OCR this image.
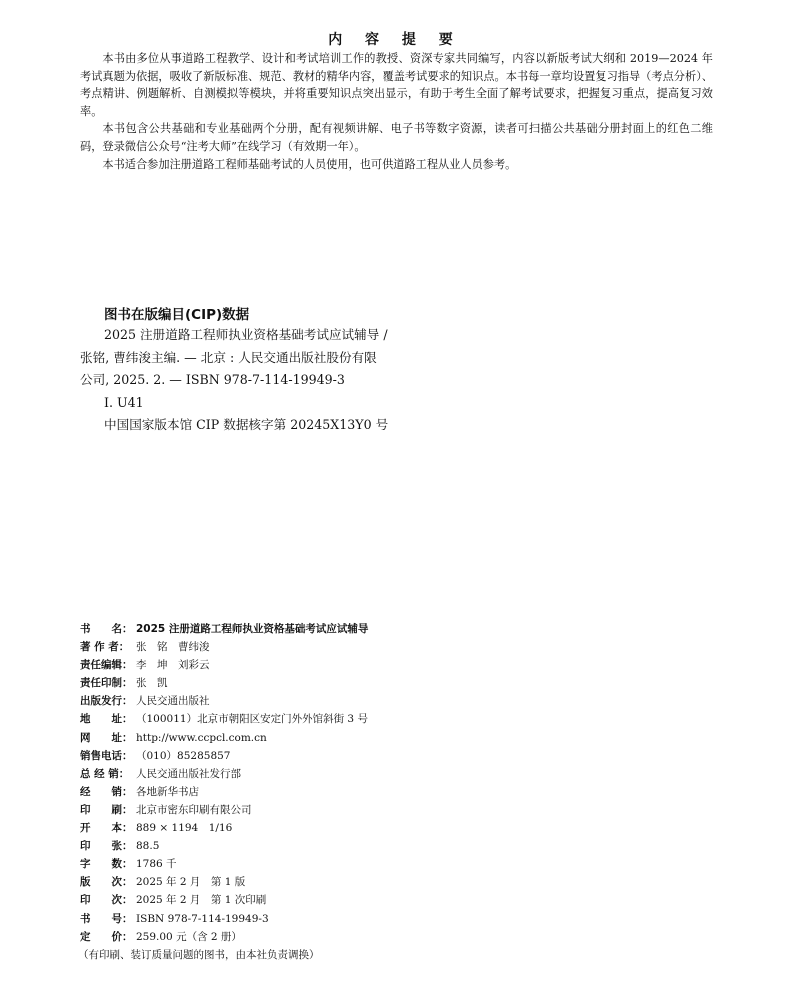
内 容 提 要

本书由多位从事道路工程教学、设计和考试培训工作的教授、资深专家共同编写，内容以新版考试大纲和 2019—2024 年考试真题为依据，吸收了新版标准、规范、教材的精华内容，覆盖考试要求的知识点。本书每一章均设置复习指导（考点分析）、考点精讲、例题解析、自测模拟等模块，并将重要知识点突出显示，有助于考生全面了解考试要求，把握复习重点，提高复习效率。

本书包含公共基础和专业基础两个分册，配有视频讲解、电子书等数字资源，读者可扫描公共基础分册封面上的红色二维码，登录微信公众号“注考大师”在线学习（有效期一年）。

本书适合参加注册道路工程师基础考试的人员使用，也可供道路工程从业人员参考。

图书在版编目(CIP)数据
2025 注册道路工程师执业资格基础考试应试辅导 /
张铭, 曹纬浚主编. — 北京 : 人民交通出版社股份有限
公司, 2025. 2. — ISBN 978-7-114-19949-3
Ⅰ. U41
中国国家版本馆 CIP 数据核字第 20245X13Y0 号
书　　名： 2025 注册道路工程师执业资格基础考试应试辅导
著 作 者： 张　铭　曹纬浚
责任编辑： 李　坤　刘彩云
责任印制： 张　凯
出版发行： 人民交通出版社
地　　址： （100011）北京市朝阳区安定门外外馆斜街 3 号
网　　址： http://www.ccpcl.com.cn
销售电话： （010）85285857
总 经 销： 人民交通出版社发行部
经　　销： 各地新华书店
印　　刷： 北京市密东印刷有限公司
开　　本： 889 × 1194　1/16
印　　张： 88.5
字　　数： 1786 千
版　　次： 2025 年 2 月　第 1 版
印　　次： 2025 年 2 月　第 1 次印刷
书　　号： ISBN 978-7-114-19949-3
定　　价： 259.00 元（含 2 册）
（有印刷、装订质量问题的图书，由本社负责调换）
